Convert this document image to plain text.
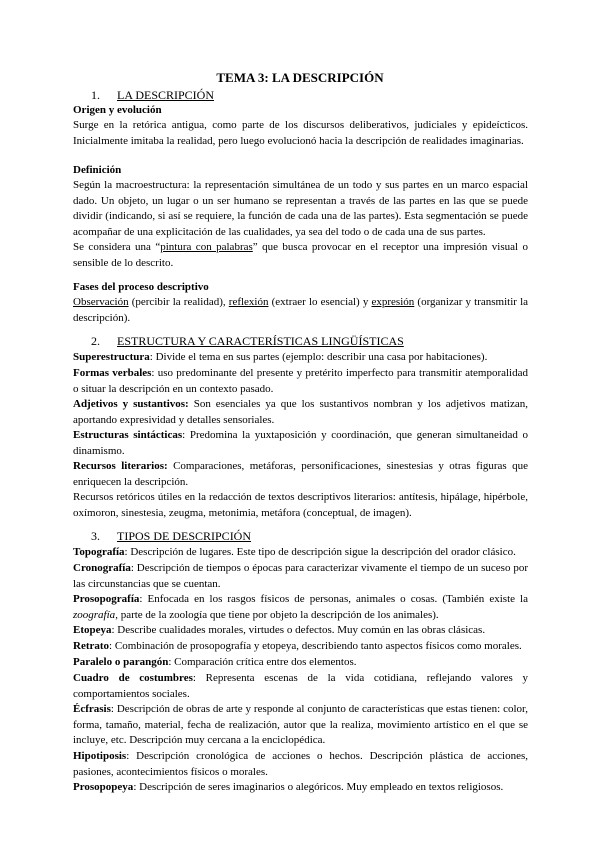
TEMA 3: LA DESCRIPCIÓN
1. LA DESCRIPCIÓN
Origen y evolución

Surge en la retórica antigua, como parte de los discursos deliberativos, judiciales y epideícticos. Inicialmente imitaba la realidad, pero luego evolucionó hacia la descripción de realidades imaginarias.

Definición

Según la macroestructura: la representación simultánea de un todo y sus partes en un marco espacial dado. Un objeto, un lugar o un ser humano se representan a través de las partes en las que se puede dividir (indicando, si así se requiere, la función de cada una de las partes). Esta segmentación se puede acompañar de una explicitación de las cualidades, ya sea del todo o de cada una de sus partes.

Se considera una “pintura con palabras” que busca provocar en el receptor una impresión visual o sensible de lo descrito.

Fases del proceso descriptivo

Observación (percibir la realidad), reflexión (extraer lo esencial) y expresión (organizar y transmitir la descripción).

2. ESTRUCTURA Y CARACTERÍSTICAS LINGÜÍSTICAS

Superestructura: Divide el tema en sus partes (ejemplo: describir una casa por habitaciones).

Formas verbales: uso predominante del presente y pretérito imperfecto para transmitir atemporalidad o situar la descripción en un contexto pasado.

Adjetivos y sustantivos: Son esenciales ya que los sustantivos nombran y los adjetivos matizan, aportando expresividad y detalles sensoriales.

Estructuras sintácticas: Predomina la yuxtaposición y coordinación, que generan simultaneidad o dinamismo.

Recursos literarios: Comparaciones, metáforas, personificaciones, sinestesias y otras figuras que enriquecen la descripción.

Recursos retóricos útiles en la redacción de textos descriptivos literarios: antítesis, hipálage, hipérbole, oxímoron, sinestesia, zeugma, metonimia, metáfora (conceptual, de imagen).

3. TIPOS DE DESCRIPCIÓN

Topografía: Descripción de lugares. Este tipo de descripción sigue la descripción del orador clásico.

Cronografía: Descripción de tiempos o épocas para caracterizar vivamente el tiempo de un suceso por las circunstancias que se cuentan.

Prosopografía: Enfocada en los rasgos físicos de personas, animales o cosas. (También existe la zoografía, parte de la zoología que tiene por objeto la descripción de los animales).

Etopeya: Describe cualidades morales, virtudes o defectos. Muy común en las obras clásicas.

Retrato: Combinación de prosopografía y etopeya, describiendo tanto aspectos físicos como morales.

Paralelo o parangón: Comparación crítica entre dos elementos.

Cuadro de costumbres: Representa escenas de la vida cotidiana, reflejando valores y comportamientos sociales.

Écfrasis: Descripción de obras de arte y responde al conjunto de características que estas tienen: color, forma, tamaño, material, fecha de realización, autor que la realiza, movimiento artístico en el que se incluye, etc. Descripción muy cercana a la enciclopédica.

Hipotiposis: Descripción cronológica de acciones o hechos. Descripción plástica de acciones, pasiones, acontecimientos físicos o morales.

Prosopopeya: Descripción de seres imaginarios o alegóricos. Muy empleado en textos religiosos.
